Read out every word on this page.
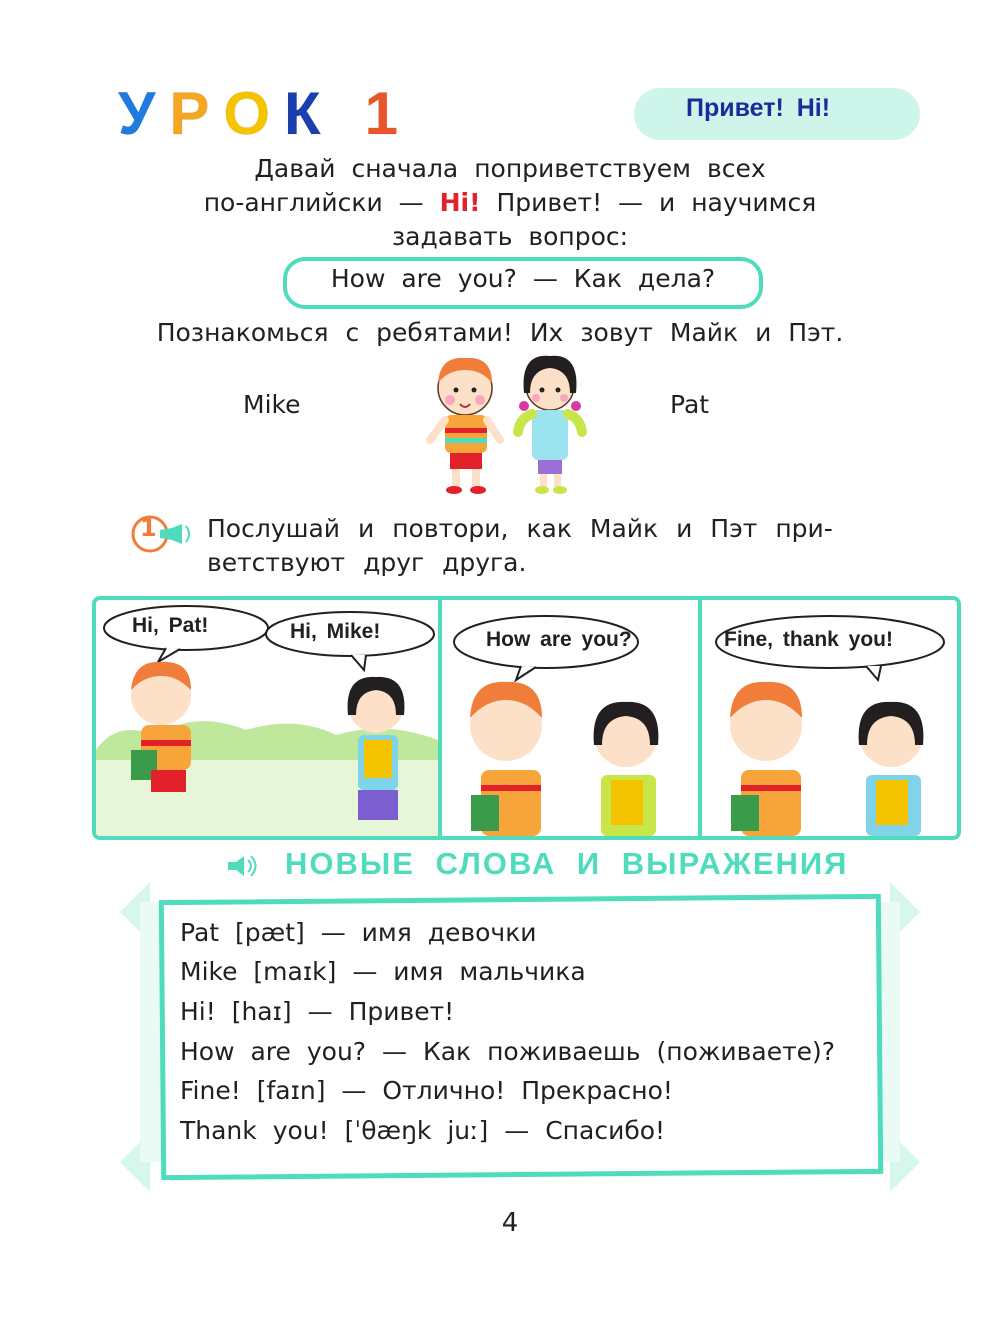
УРОК 1	Привет! Hi!
Давай сначала поприветствуем всех
по-английски — Hi! Привет! — и научимся
задавать вопрос:
How are you? — Как дела?
Познакомься с ребятами! Их зовут Майк и Пэт.
Mike	Pat
1 Послушай и повтори, как Майк и Пэт при-
ветствуют друг друга.
Hi, Pat!	Hi, Mike!	How are you?	Fine, thank you!
НОВЫЕ СЛОВА И ВЫРАЖЕНИЯ
Pat [pæt] — имя девочки
Mike [maɪk] — имя мальчика
Hi! [haɪ] — Привет!
How are you? — Как поживаешь (поживаете)?
Fine! [faɪn] — Отлично! Прекрасно!
Thank you! [ˈθæŋk juː] — Спасибо!
4
